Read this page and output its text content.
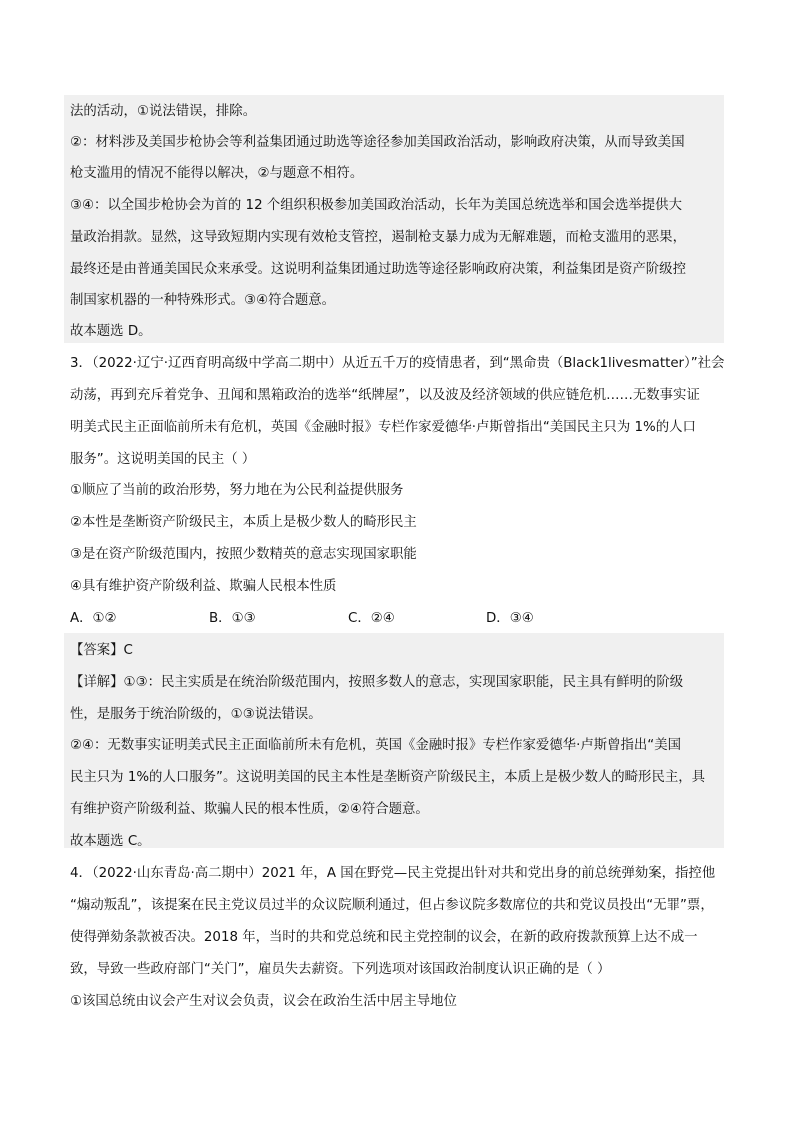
法的活动，①说法错误，排除。
②：材料涉及美国步枪协会等利益集团通过助选等途径参加美国政治活动，影响政府决策，从而导致美国
枪支滥用的情况不能得以解决，②与题意不相符。
③④：以全国步枪协会为首的 12 个组织积极参加美国政治活动，长年为美国总统选举和国会选举提供大
量政治捐款。显然，这导致短期内实现有效枪支管控，遏制枪支暴力成为无解难题，而枪支滥用的恶果，
最终还是由普通美国民众来承受。这说明利益集团通过助选等途径影响政府决策，利益集团是资产阶级控
制国家机器的一种特殊形式。③④符合题意。
故本题选 D。
3．（2022·辽宁·辽西育明高级中学高二期中）从近五千万的疫情患者，到“黑命贵（Black1livesmatter）”社会
动荡，再到充斥着党争、丑闻和黑箱政治的选举“纸牌屋”，以及波及经济领域的供应链危机……无数事实证
明美式民主正面临前所未有危机，英国《金融时报》专栏作家爱德华·卢斯曾指出“美国民主只为 1%的人口
服务”。这说明美国的民主（ ）
①顺应了当前的政治形势，努力地在为公民利益提供服务
②本性是垄断资产阶级民主，本质上是极少数人的畸形民主
③是在资产阶级范围内，按照少数精英的意志实现国家职能
④具有维护资产阶级利益、欺骗人民根本性质
A．①②	B．①③	C．②④	D．③④
【答案】C
【详解】①③：民主实质是在统治阶级范围内，按照多数人的意志，实现国家职能，民主具有鲜明的阶级
性，是服务于统治阶级的，①③说法错误。
②④：无数事实证明美式民主正面临前所未有危机，英国《金融时报》专栏作家爱德华·卢斯曾指出“美国
民主只为 1%的人口服务”。这说明美国的民主本性是垄断资产阶级民主，本质上是极少数人的畸形民主，具
有维护资产阶级利益、欺骗人民的根本性质，②④符合题意。
故本题选 C。
4．（2022·山东青岛·高二期中）2021 年，A 国在野党—民主党提出针对共和党出身的前总统弹劾案，指控他
“煽动叛乱”，该提案在民主党议员过半的众议院顺利通过，但占参议院多数席位的共和党议员投出“无罪”票，
使得弹劾条款被否决。2018 年，当时的共和党总统和民主党控制的议会，在新的政府拨款预算上达不成一
致，导致一些政府部门“关门”，雇员失去薪资。下列选项对该国政治制度认识正确的是（ ）
①该国总统由议会产生对议会负责，议会在政治生活中居主导地位
